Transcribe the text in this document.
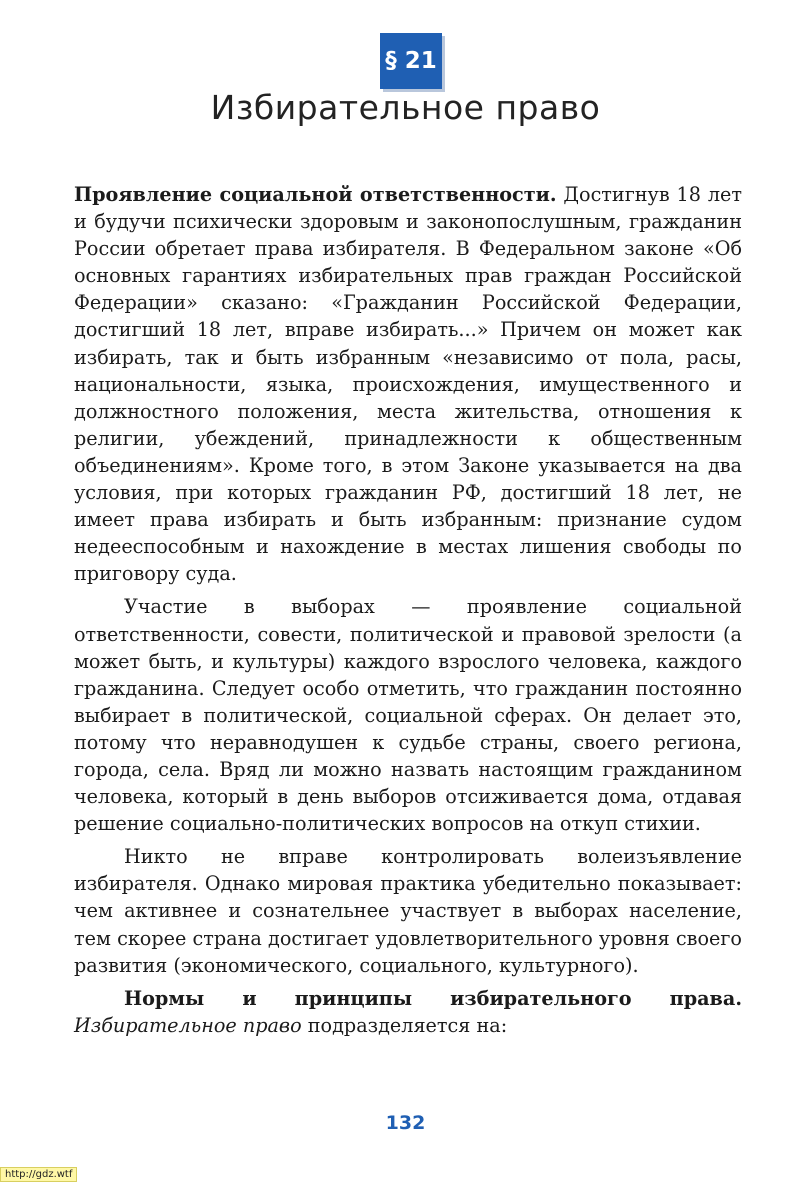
§ 21
Избирательное право

Проявление социальной ответственности. Достигнув 18 лет и будучи психически здоровым и законопослушным, гражданин России обретает права избирателя. В Федеральном законе «Об основных гарантиях избирательных прав граждан Российской Федерации» сказано: «Гражданин Российской Федерации, достигший 18 лет, вправе избирать...» Причем он может как избирать, так и быть избранным «независимо от пола, расы, национальности, языка, происхождения, имущественного и должностного положения, места жительства, отношения к религии, убеждений, принадлежности к общественным объединениям». Кроме того, в этом Законе указывается на два условия, при которых гражданин РФ, достигший 18 лет, не имеет права избирать и быть избранным: признание судом недееспособным и нахождение в местах лишения свободы по приговору суда.

Участие в выборах — проявление социальной ответственности, совести, политической и правовой зрелости (а может быть, и культуры) каждого взрослого человека, каждого гражданина. Следует особо отметить, что гражданин постоянно выбирает в политической, социальной сферах. Он делает это, потому что неравнодушен к судьбе страны, своего региона, города, села. Вряд ли можно назвать настоящим гражданином человека, который в день выборов отсиживается дома, отдавая решение социально-политических вопросов на откуп стихии.

Никто не вправе контролировать волеизъявление избирателя. Однако мировая практика убедительно показывает: чем активнее и сознательнее участвует в выборах население, тем скорее страна достигает удовлетворительного уровня своего развития (экономического, социального, культурного).

Нормы и принципы избирательного права. Избирательное право подразделяется на:

132
http://gdz.wtf
